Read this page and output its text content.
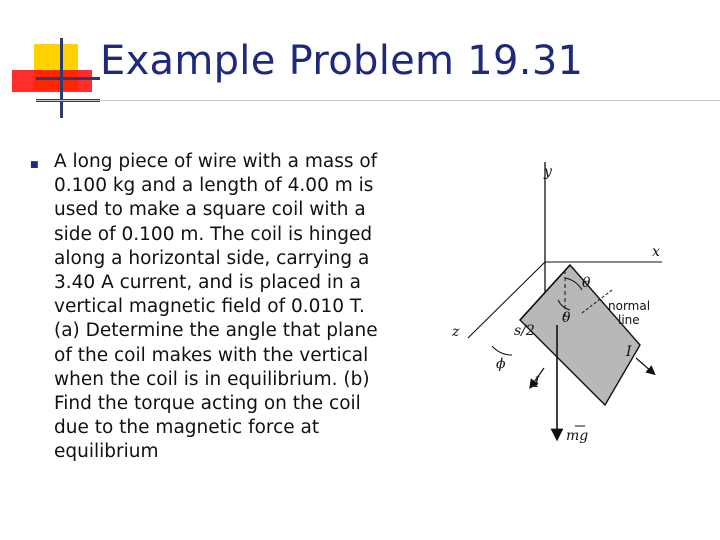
Example Problem 19.31
■ A long piece of wire with a mass of
0.100 kg and a length of 4.00 m is
used to make a square coil with a
side of 0.100 m. The coil is hinged
along a horizontal side, carrying a
3.40 A current, and is placed in a
vertical magnetic field of 0.010 T.
(a) Determine the angle that plane
of the coil makes with the vertical
when the coil is in equilibrium. (b)
Find the torque acting on the coil
due to the magnetic force at
equilibrium
y
x
z
θ
θ
normal
line
s/2
ϕ
I
I
mg
